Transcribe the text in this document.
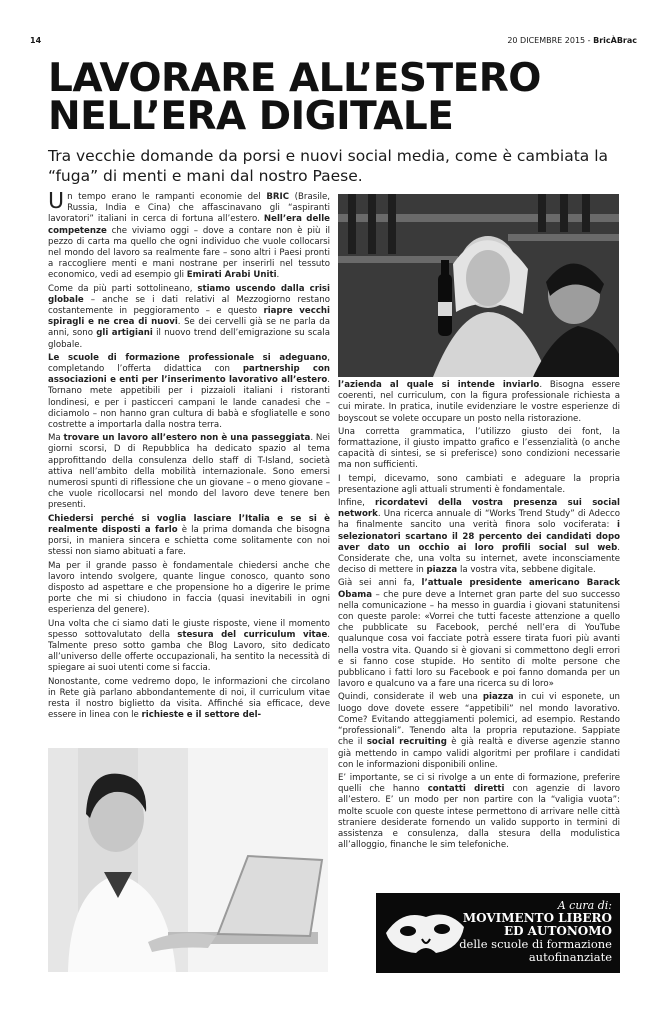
14	20 DICEMBRE 2015 - BricÀBrac
LAVORARE ALL’ESTERO
NELL’ERA DIGITALE

Tra vecchie domande da porsi e nuovi social media, come è cambiata la “fuga” di menti e mani dal nostro Paese.

Un tempo erano le rampanti economie del BRIC (Brasile, Russia, India e Cina) che affascinavano gli “aspiranti lavoratori” italiani in cerca di fortuna all’estero. Nell’era delle competenze che viviamo oggi – dove a contare non è più il pezzo di carta ma quello che ogni individuo che vuole collocarsi nel mondo del lavoro sa realmente fare – sono altri i Paesi pronti a raccogliere menti e mani nostrane per inserirli nel tessuto economico, vedi ad esempio gli Emirati Arabi Uniti.

Come da più parti sottolineano, stiamo uscendo dalla crisi globale – anche se i dati relativi al Mezzogiorno restano costantemente in peggioramento – e questo riapre vecchi spiragli e ne crea di nuovi. Se dei cervelli già se ne parla da anni, sono gli artigiani il nuovo trend dell’emigrazione su scala globale.

Le scuole di formazione professionale si adeguano, completando l’offerta didattica con partnership con associazioni e enti per l’inserimento lavorativo all’estero. Tornano mete appetibili per i pizzaioli italiani i ristoranti londinesi, e per i pasticceri campani le lande canadesi che – diciamolo – non hanno gran cultura di babà e sfogliatelle e sono costrette a importarla dalla nostra terra.

Ma trovare un lavoro all’estero non è una passeggiata. Nei giorni scorsi, D di Repubblica ha dedicato spazio al tema approfittando della consulenza dello staff di T-Island, società attiva nell’ambito della mobilità internazionale. Sono emersi numerosi spunti di riflessione che un giovane – o meno giovane – che vuole ricollocarsi nel mondo del lavoro deve tenere ben presenti.

Chiedersi perché si voglia lasciare l’Italia e se si è realmente disposti a farlo è la prima domanda che bisogna porsi, in maniera sincera e schietta come solitamente con noi stessi non siamo abituati a fare.

Ma per il grande passo è fondamentale chiedersi anche che lavoro intendo svolgere, quante lingue conosco, quanto sono disposto ad aspettare e che propensione ho a digerire le prime porte che mi si chiudono in faccia (quasi inevitabili in ogni esperienza del genere).

Una volta che ci siamo dati le giuste risposte, viene il momento spesso sottovalutato della stesura del curriculum vitae. Talmente preso sotto gamba che Blog Lavoro, sito dedicato all’universo delle offerte occupazionali, ha sentito la necessità di spiegare ai suoi utenti come si faccia.

Nonostante, come vedremo dopo, le informazioni che circolano in Rete già parlano abbondantemente di noi, il curriculum vitae resta il nostro biglietto da visita. Affinché sia efficace, deve essere in linea con le richieste e il settore del-

l’azienda al quale si intende inviarlo. Bisogna essere coerenti, nel curriculum, con la figura professionale richiesta a cui mirate. In pratica, inutile evidenziare le vostre esperienze di boyscout se volete occupare un posto nella ristorazione.

Una corretta grammatica, l’utilizzo giusto dei font, la formattazione, il giusto impatto grafico e l’essenzialità (o anche capacità di sintesi, se si preferisce) sono condizioni necessarie ma non sufficienti.

I tempi, dicevamo, sono cambiati e adeguare la propria presentazione agli attuali strumenti è fondamentale.

Infine, ricordatevi della vostra presenza sui social network. Una ricerca annuale di “Works Trend Study” di Adecco ha finalmente sancito una verità finora solo vociferata: i selezionatori scartano il 28 percento dei candidati dopo aver dato un occhio ai loro profili social sul web. Considerate che, una volta su internet, avete inconsciamente deciso di mettere in piazza la vostra vita, sebbene digitale.

Già sei anni fa, l’attuale presidente americano Barack Obama – che pure deve a Internet gran parte del suo successo nella comunicazione – ha messo in guardia i giovani statunitensi con queste parole: «Vorrei che tutti faceste attenzione a quello che pubblicate su Facebook, perché nell’era di YouTube qualunque cosa voi facciate potrà essere tirata fuori più avanti nella vostra vita. Quando si è giovani si commettono degli errori e si fanno cose stupide. Ho sentito di molte persone che pubblicano i fatti loro su Facebook e poi fanno domanda per un lavoro e qualcuno va a fare una ricerca su di loro»

Quindi, considerate il web una piazza in cui vi esponete, un luogo dove dovete essere “appetibili” nel mondo lavorativo. Come? Evitando atteggiamenti polemici, ad esempio. Restando “professionali”. Tenendo alta la propria reputazione. Sappiate che il social recruiting è già realtà e diverse agenzie stanno già mettendo in campo validi algoritmi per profilare i candidati con le informazioni disponibili online.

E’ importante, se ci si rivolge a un ente di formazione, preferire quelli che hanno contatti diretti con agenzie di lavoro all’estero. E’ un modo per non partire con la “valigia vuota”: molte scuole con queste intese permettono di arrivare nelle città straniere desiderate fornendo un valido supporto in termini di assistenza e consulenza, dalla stesura della modulistica all’alloggio, finanche le sim telefoniche.

A cura di:
MOVIMENTO LIBERO
ED AUTONOMO
delle scuole di formazione
autofinanziate
